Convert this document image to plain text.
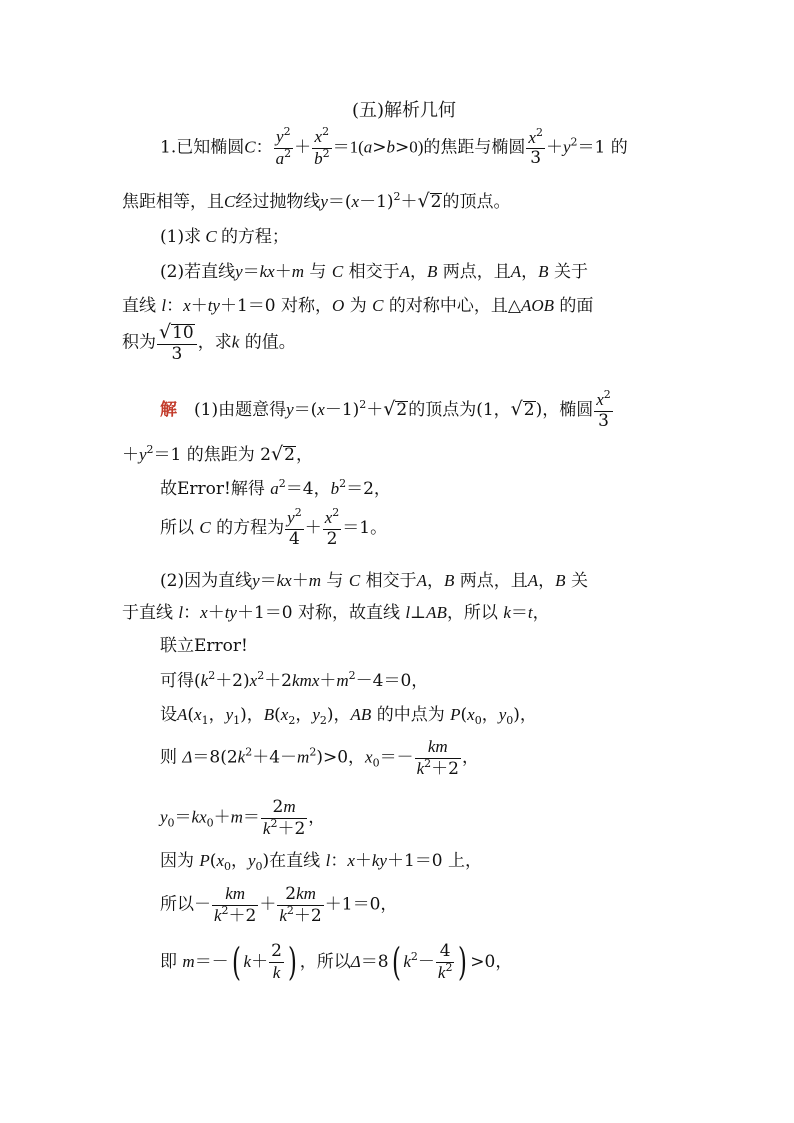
(五)解析几何
1.已知椭圆C： $\frac{y^2}{a^2} + \frac{x^2}{b^2} =1(a>b>0)$的焦距与椭圆 $\frac{x^2}{3} +y^2=1$ 的
焦距相等，且C经过抛物线$y=(x-1)^2+√2$的顶点。
(1)求 C 的方程；
(2)若直线y＝kx＋m 与 C 相交于A，B 两点，且A，B 关于
直线 l：x＋ty＋1＝0 对称，O 为 C 的对称中心，且△AOB 的面
积为 $\frac{√10}{3}$ ，求k 的值。
解　(1)由题意得$y=(x-1)^2+√2$的顶点为(1，√2)，椭圆 $\frac{x^2}{3}$
$+y^2=1$ 的焦距为 2√2，
故Error!解得 $a^2=4$，$b^2=2$，
所以 C 的方程为 $\frac{y^2}{4} + \frac{x^2}{2} =1$。
(2)因为直线y＝kx＋m 与 C 相交于A，B 两点，且A，B 关
于直线 l：x＋ty＋1＝0 对称，故直线 l⊥AB，所以 k＝t，
联立Error!
可得$(k^2+2)x^2+2kmx+m^2-4=0$，
设$A(x_1$，$y_1$)，$B(x_2$，$y_2$)，AB 的中点为 $P(x_0$，$y_0$)，
则 $\Delta=8(2k^2+4-m^2)>0$，$x_0=- \frac{km}{k^2+2}$ ，
$y_0=kx_0+m= \frac{2m}{k^2+2}$ ，
因为 $P(x_0$，$y_0$)在直线 l：x＋ky＋1＝0 上，
所以－ $\frac{km}{k^2+2} + \frac{2km}{k^2+2} +1=0$，
即 m＝－( $k+ \frac{2}{k}$ ) ，所以Δ＝8( $k^2- \frac{4}{k^2}$ ) >0，
